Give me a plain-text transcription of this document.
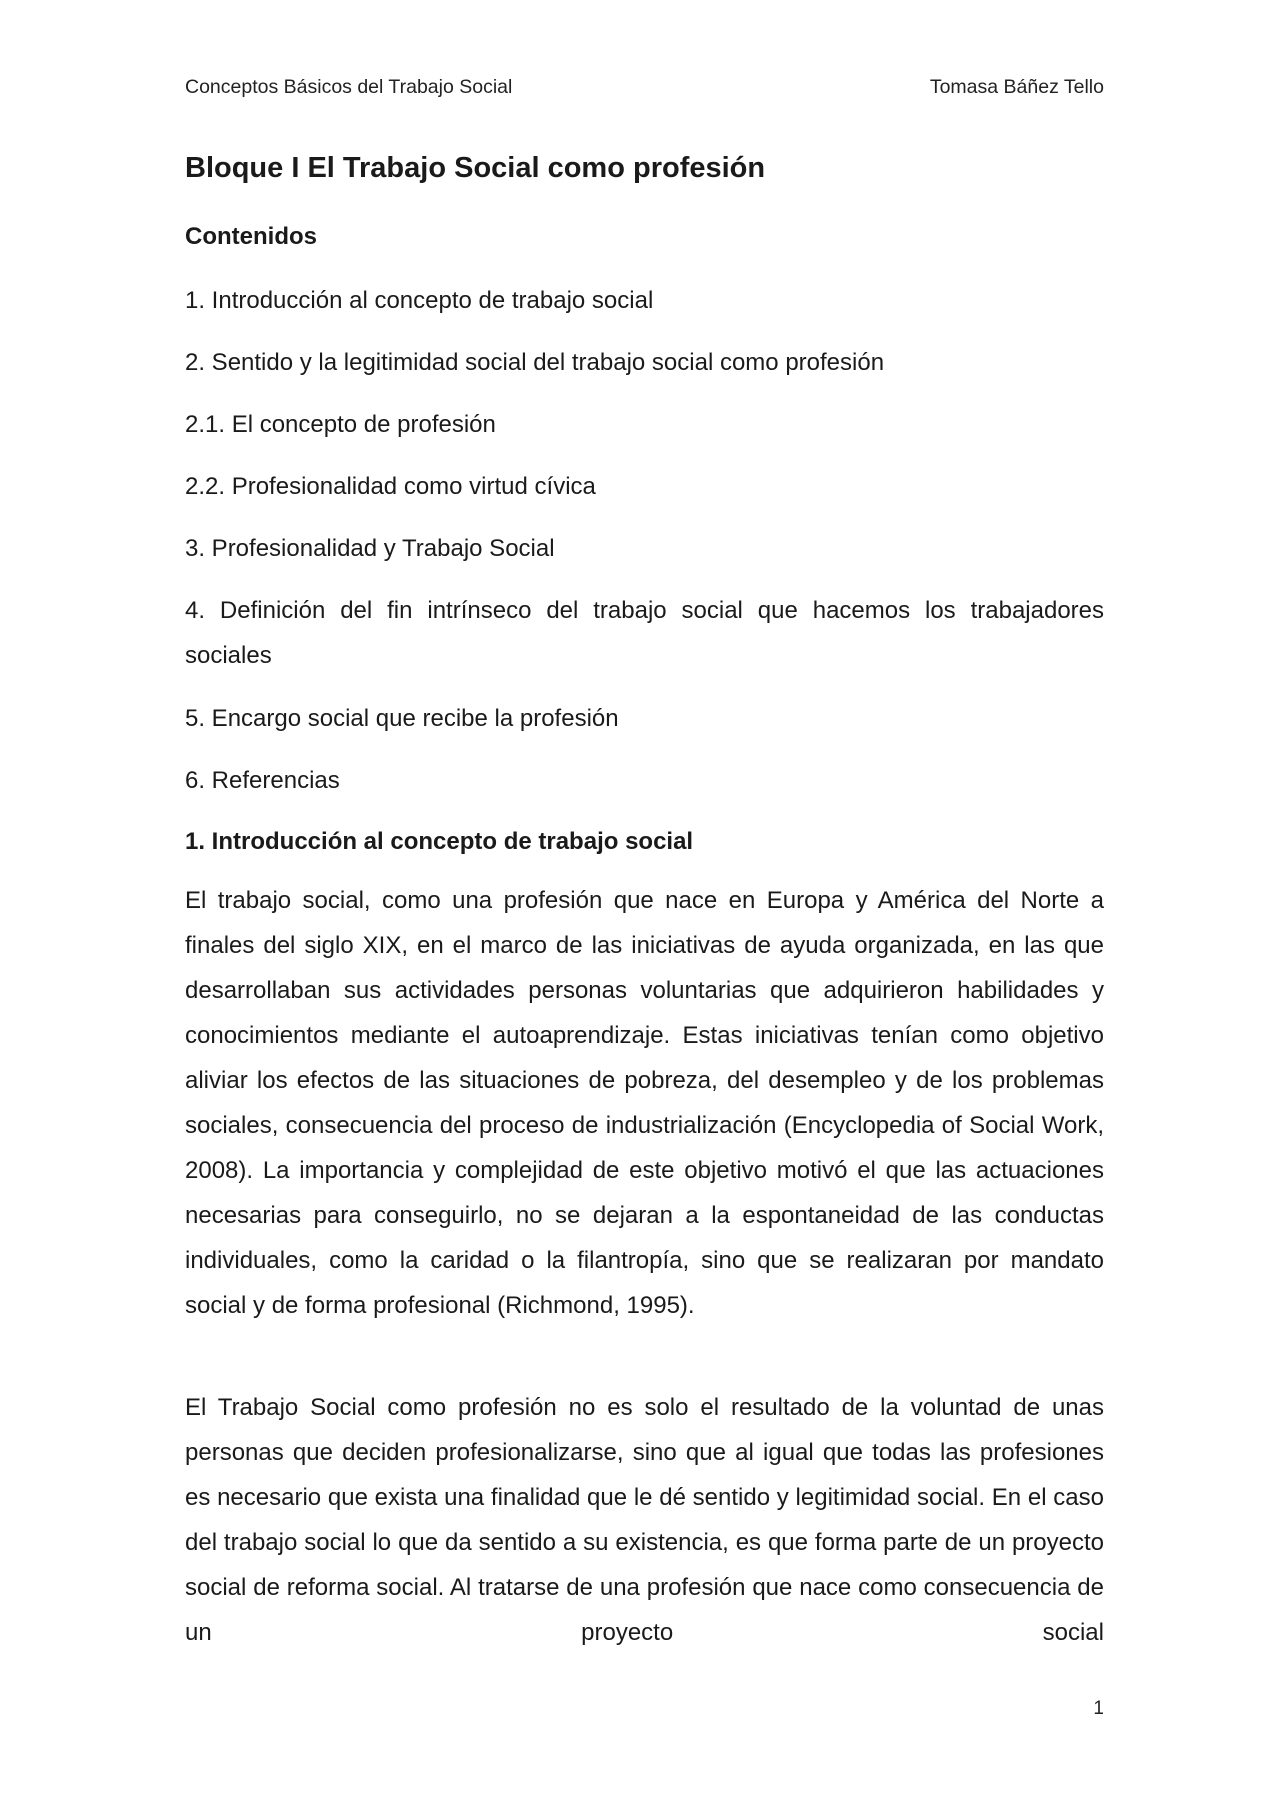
Conceptos Básicos del Trabajo Social	Tomasa Báñez Tello
Bloque I El Trabajo Social como profesión
Contenidos

1. Introducción al concepto de trabajo social

2. Sentido y la legitimidad social del trabajo social como profesión

2.1. El concepto de profesión

2.2. Profesionalidad como virtud cívica

3. Profesionalidad y Trabajo Social

4. Definición del fin intrínseco del trabajo social que hacemos los trabajadores sociales

5. Encargo social que recibe la profesión

6. Referencias

1. Introducción al concepto de trabajo social

El trabajo social, como una profesión que nace en Europa y América del Norte a finales del siglo XIX, en el marco de las iniciativas de ayuda organizada, en las que desarrollaban sus actividades personas voluntarias que adquirieron habilidades y conocimientos mediante el autoaprendizaje. Estas iniciativas tenían como objetivo aliviar los efectos de las situaciones de pobreza, del desempleo y de los problemas sociales, consecuencia del proceso de industrialización (Encyclopedia of Social Work, 2008). La importancia y complejidad de este objetivo motivó el que las actuaciones necesarias para conseguirlo, no se dejaran a la espontaneidad de las conductas individuales, como la caridad o la filantropía, sino que se realizaran por mandato social y de forma profesional (Richmond, 1995).

El Trabajo Social como profesión no es solo el resultado de la voluntad de unas personas que deciden profesionalizarse, sino que al igual que todas las profesiones es necesario que exista una finalidad que le dé sentido y legitimidad social. En el caso del trabajo social lo que da sentido a su existencia, es que forma parte de un proyecto social de reforma social. Al tratarse de una profesión que nace como consecuencia de un proyecto social

1
